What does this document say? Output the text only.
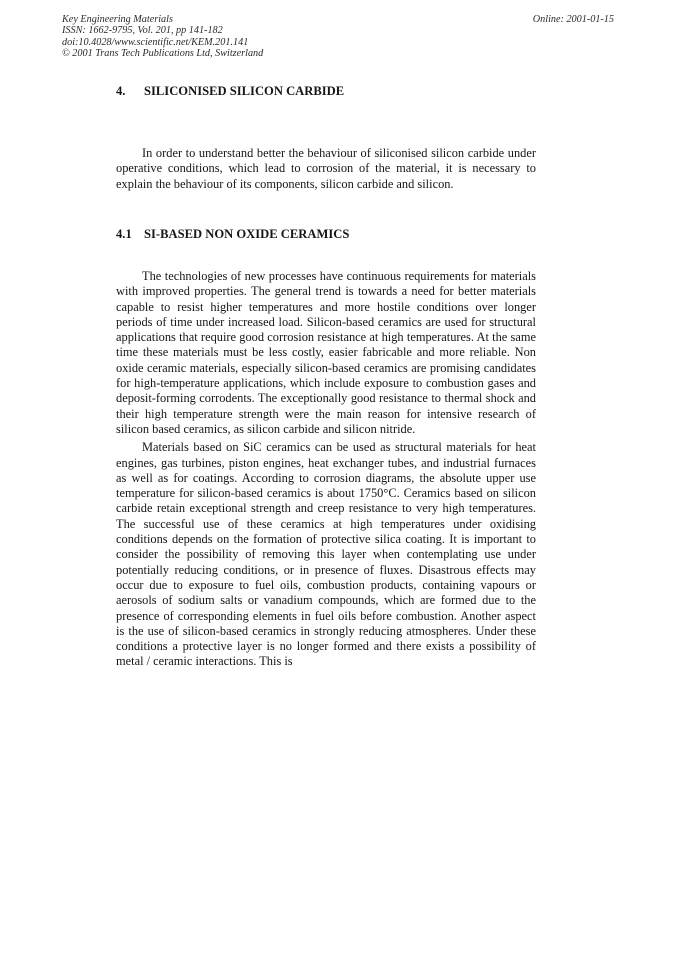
Key Engineering Materials
ISSN: 1662-9795, Vol. 201, pp 141-182
doi:10.4028/www.scientific.net/KEM.201.141
© 2001 Trans Tech Publications Ltd, Switzerland
Online: 2001-01-15
4. SILICONISED SILICON CARBIDE

In order to understand better the behaviour of siliconised silicon carbide under operative conditions, which lead to corrosion of the material, it is necessary to explain the behaviour of its components, silicon carbide and silicon.

4.1 SI-BASED NON OXIDE CERAMICS

The technologies of new processes have continuous requirements for materials with improved properties. The general trend is towards a need for better materials capable to resist higher temperatures and more hostile conditions over longer periods of time under increased load. Silicon-based ceramics are used for structural applications that require good corrosion resistance at high temperatures. At the same time these materials must be less costly, easier fabricable and more reliable. Non oxide ceramic materials, especially silicon-based ceramics are promising candidates for high-temperature applications, which include exposure to combustion gases and deposit-forming corrodents. The exceptionally good resistance to thermal shock and their high temperature strength were the main reason for intensive research of silicon based ceramics, as silicon carbide and silicon nitride.

Materials based on SiC ceramics can be used as structural materials for heat engines, gas turbines, piston engines, heat exchanger tubes, and industrial furnaces as well as for coatings. According to corrosion diagrams, the absolute upper use temperature for silicon-based ceramics is about 1750°C. Ceramics based on silicon carbide retain exceptional strength and creep resistance to very high temperatures. The successful use of these ceramics at high temperatures under oxidising conditions depends on the formation of protective silica coating. It is important to consider the possibility of removing this layer when contemplating use under potentially reducing conditions, or in presence of fluxes. Disastrous effects may occur due to exposure to fuel oils, combustion products, containing vapours or aerosols of sodium salts or vanadium compounds, which are formed due to the presence of corresponding elements in fuel oils before combustion. Another aspect is the use of silicon-based ceramics in strongly reducing atmospheres. Under these conditions a protective layer is no longer formed and there exists a possibility of metal / ceramic interactions. This is
